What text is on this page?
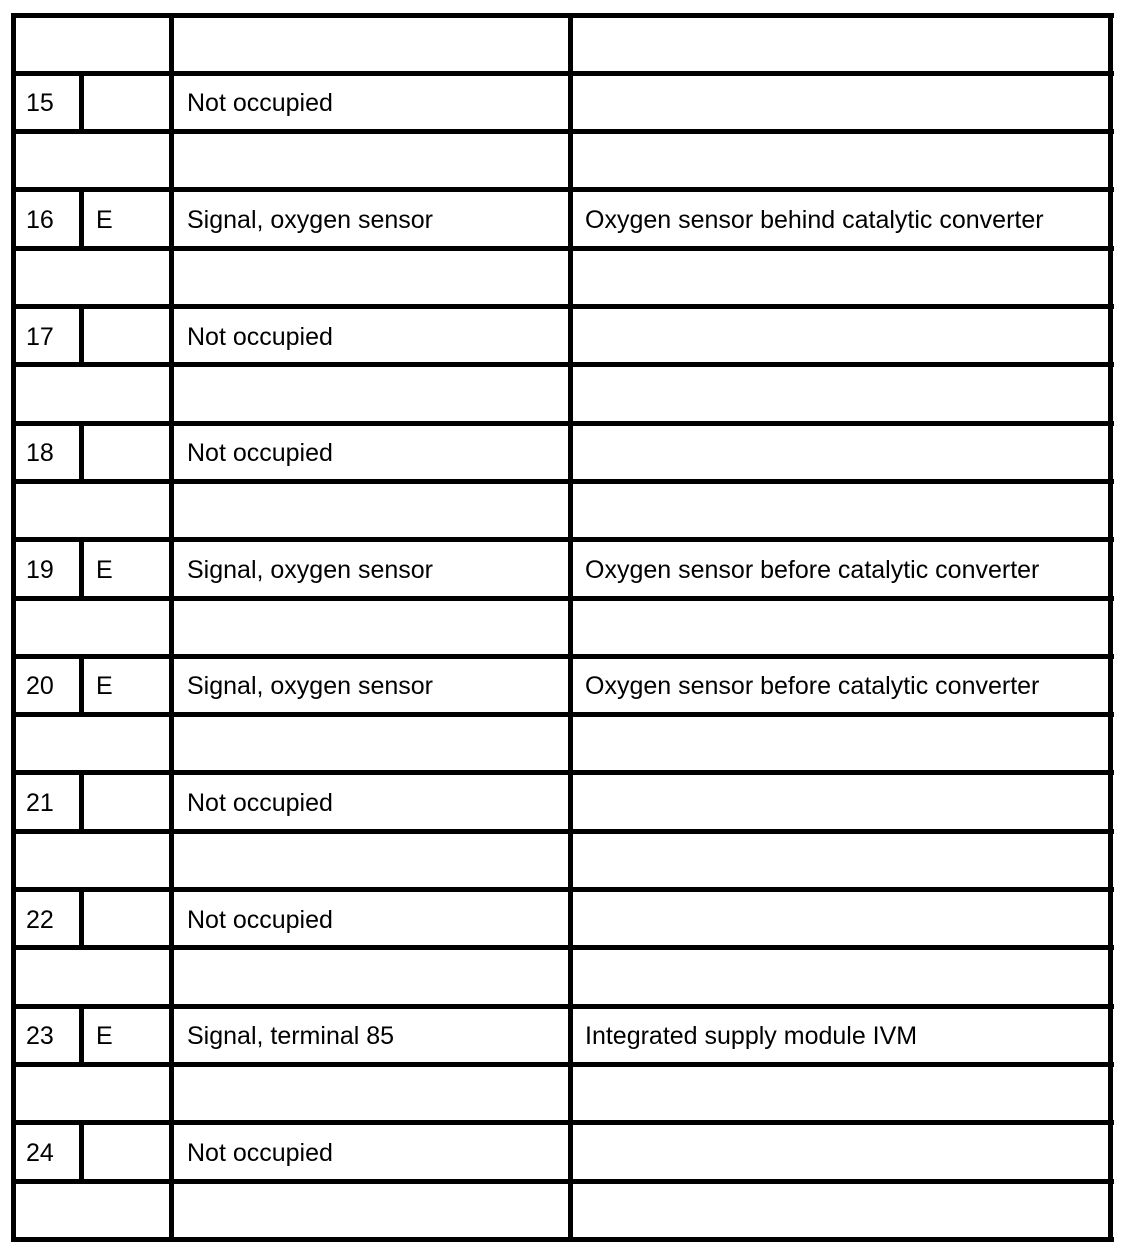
15	Not occupied
16 E	Signal, oxygen sensor	Oxygen sensor behind catalytic converter
17	Not occupied
18	Not occupied
19 E	Signal, oxygen sensor	Oxygen sensor before catalytic converter
20 E	Signal, oxygen sensor	Oxygen sensor before catalytic converter
21	Not occupied
22	Not occupied
23 E	Signal, terminal 85	Integrated supply module IVM
24	Not occupied
